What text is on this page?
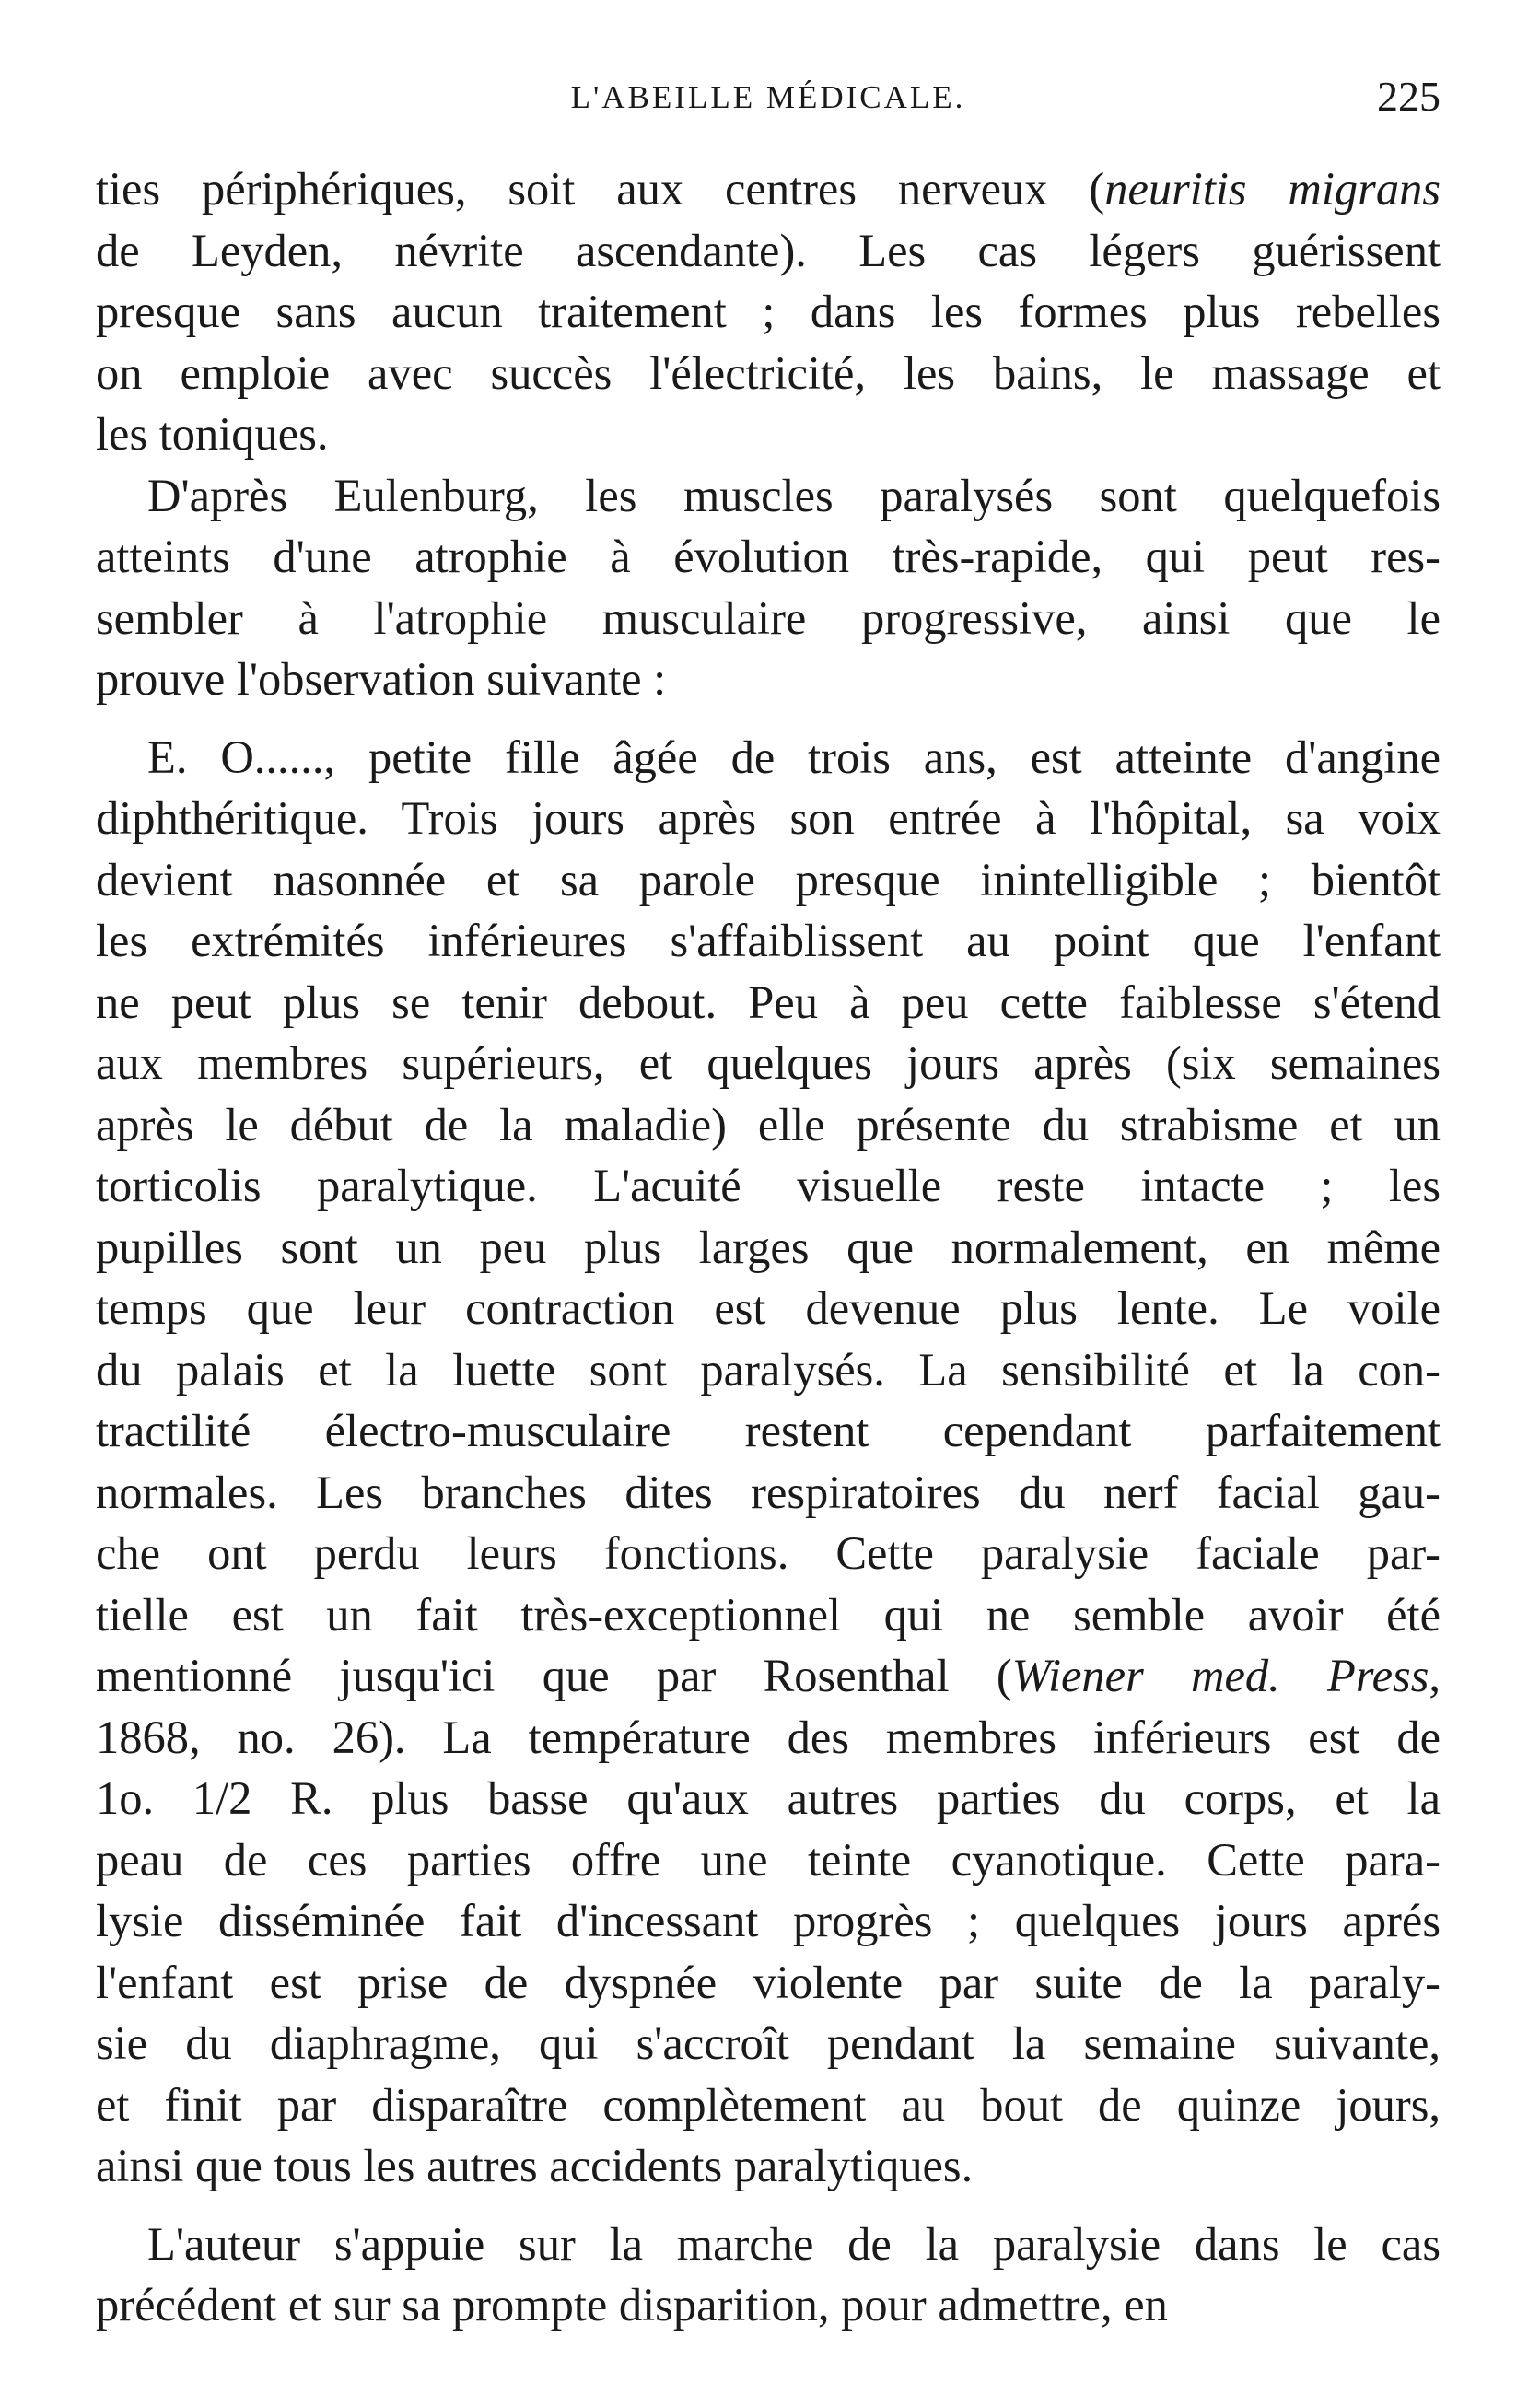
L'ABEILLE MÉDICALE.	225
ties périphériques, soit aux centres nerveux (neuritis migrans
de Leyden, névrite ascendante). Les cas légers guérissent
presque sans aucun traitement ; dans les formes plus rebelles
on emploie avec succès l'électricité, les bains, le massage et
les toniques.
D'après Eulenburg, les muscles paralysés sont quelquefois
atteints d'une atrophie à évolution très-rapide, qui peut res-
sembler à l'atrophie musculaire progressive, ainsi que le
prouve l'observation suivante :
E. O......, petite fille âgée de trois ans, est atteinte d'angine
diphthéritique. Trois jours après son entrée à l'hôpital, sa voix
devient nasonnée et sa parole presque inintelligible ; bientôt
les extrémités inférieures s'affaiblissent au point que l'enfant
ne peut plus se tenir debout. Peu à peu cette faiblesse s'étend
aux membres supérieurs, et quelques jours après (six semaines
après le début de la maladie) elle présente du strabisme et un
torticolis paralytique. L'acuité visuelle reste intacte ; les
pupilles sont un peu plus larges que normalement, en même
temps que leur contraction est devenue plus lente. Le voile
du palais et la luette sont paralysés. La sensibilité et la con-
tractilité électro-musculaire restent cependant parfaitement
normales. Les branches dites respiratoires du nerf facial gau-
che ont perdu leurs fonctions. Cette paralysie faciale par-
tielle est un fait très-exceptionnel qui ne semble avoir été
mentionné jusqu'ici que par Rosenthal (Wiener med. Press,
1868, no. 26). La température des membres inférieurs est de
1o. 1/2 R. plus basse qu'aux autres parties du corps, et la
peau de ces parties offre une teinte cyanotique. Cette para-
lysie disséminée fait d'incessant progrès ; quelques jours aprés
l'enfant est prise de dyspnée violente par suite de la paraly-
sie du diaphragme, qui s'accroît pendant la semaine suivante,
et finit par disparaître complètement au bout de quinze jours,
ainsi que tous les autres accidents paralytiques.
L'auteur s'appuie sur la marche de la paralysie dans le cas
précédent et sur sa prompte disparition, pour admettre, en
